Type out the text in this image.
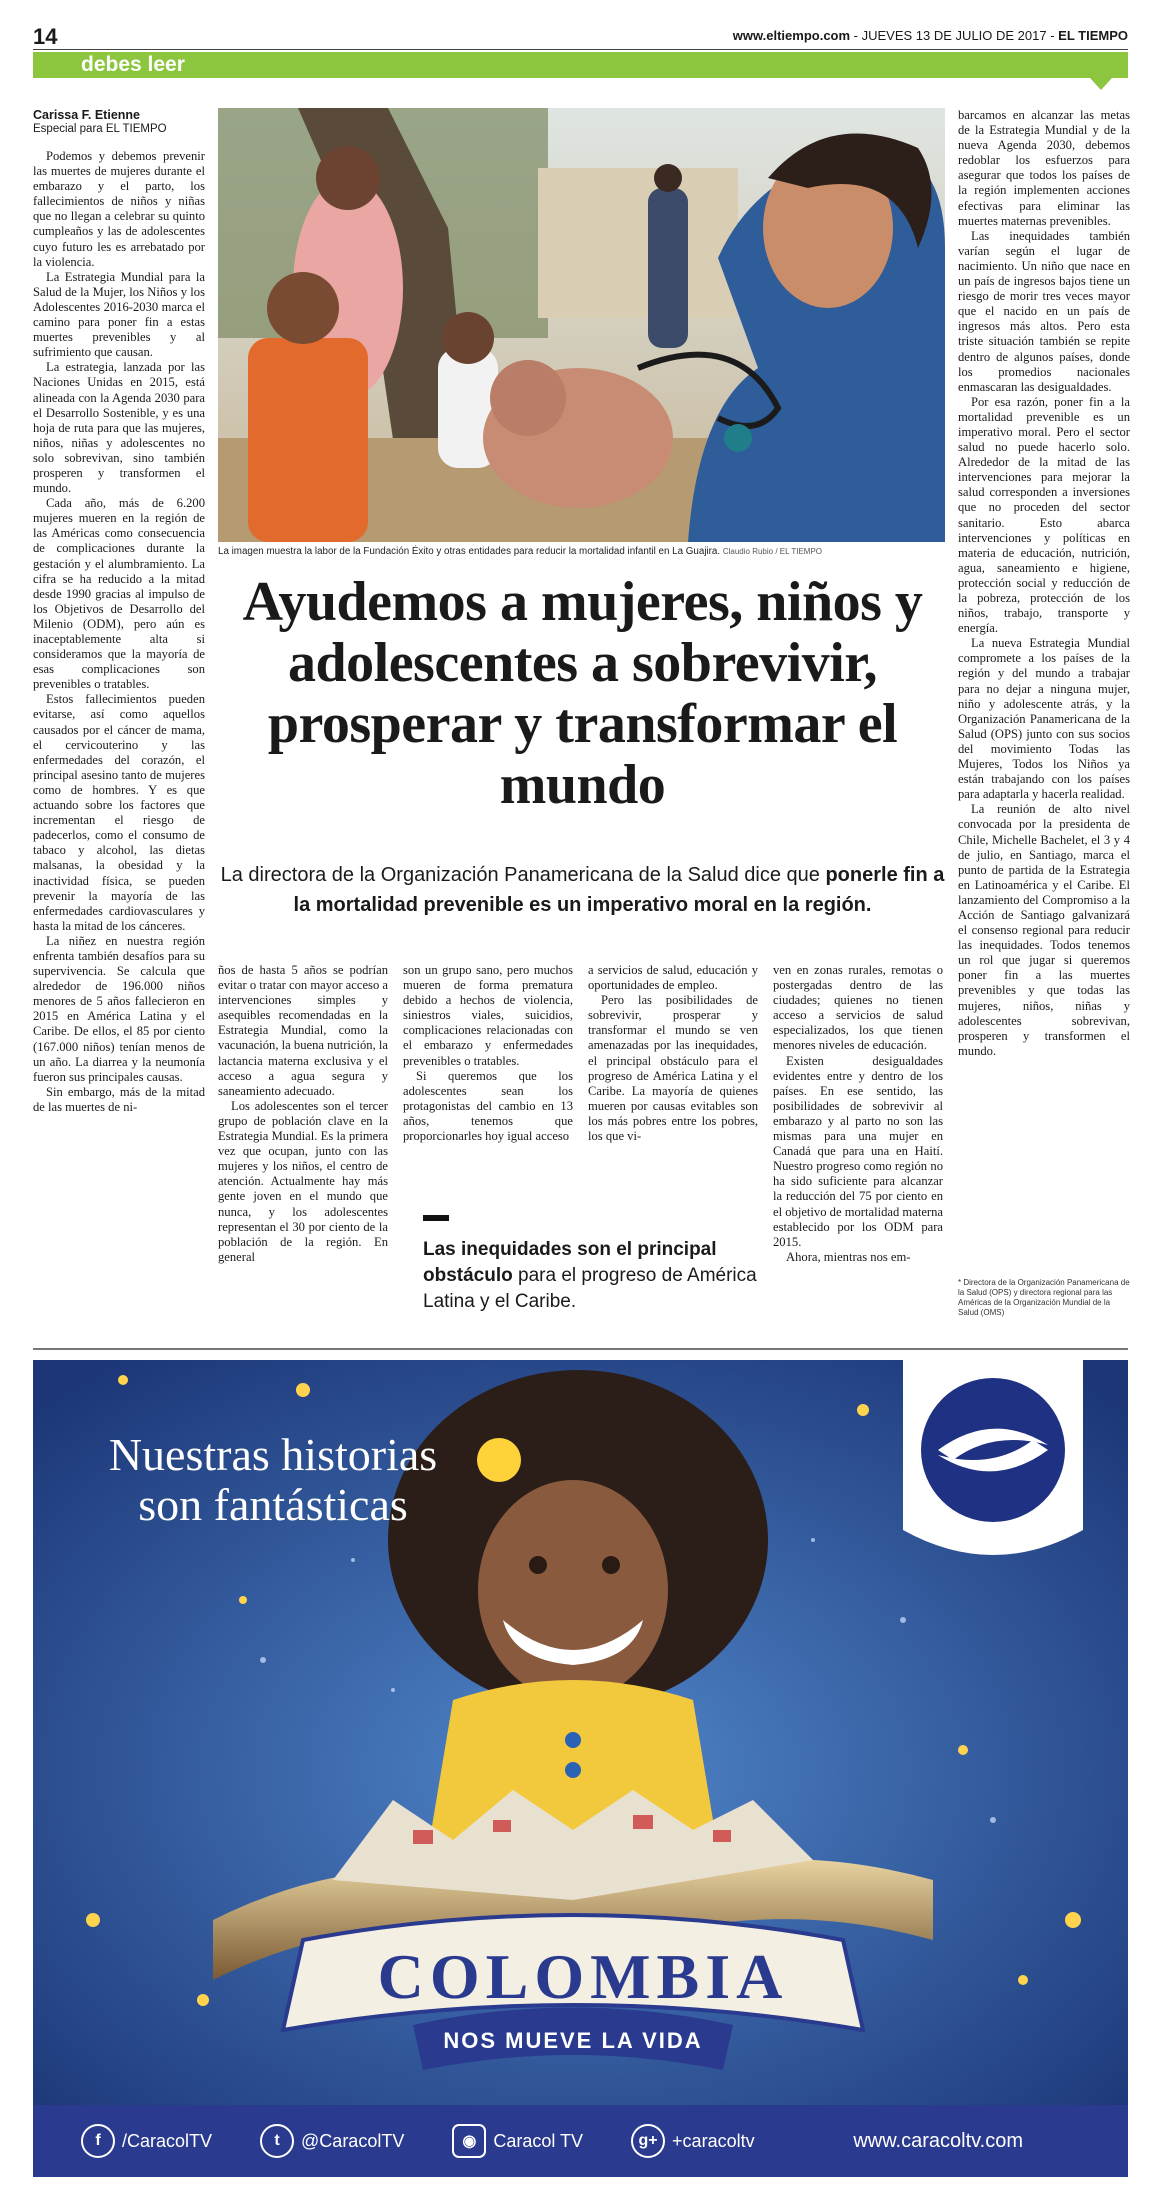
14	www.eltiempo.com - JUEVES 13 DE JULIO DE 2017 - EL TIEMPO
debes leer
Carissa F. Etienne
Especial para EL TIEMPO

Podemos y debemos prevenir las muertes de mujeres durante el embarazo y el parto, los fallecimientos de niños y niñas que no llegan a celebrar su quinto cumpleaños y las de adolescentes cuyo futuro les es arrebatado por la violencia.

La Estrategia Mundial para la Salud de la Mujer, los Niños y los Adolescentes 2016-2030 marca el camino para poner fin a estas muertes prevenibles y al sufrimiento que causan.

La estrategia, lanzada por las Naciones Unidas en 2015, está alineada con la Agenda 2030 para el Desarrollo Sostenible, y es una hoja de ruta para que las mujeres, niños, niñas y adolescentes no solo sobrevivan, sino también prosperen y transformen el mundo.

Cada año, más de 6.200 mujeres mueren en la región de las Américas como consecuencia de complicaciones durante la gestación y el alumbramiento. La cifra se ha reducido a la mitad desde 1990 gracias al impulso de los Objetivos de Desarrollo del Milenio (ODM), pero aún es inaceptablemente alta si consideramos que la mayoría de esas complicaciones son prevenibles o tratables.

Estos fallecimientos pueden evitarse, así como aquellos causados por el cáncer de mama, el cervicouterino y las enfermedades del corazón, el principal asesino tanto de mujeres como de hombres. Y es que actuando sobre los factores que incrementan el riesgo de padecerlos, como el consumo de tabaco y alcohol, las dietas malsanas, la obesidad y la inactividad física, se pueden prevenir la mayoría de las enfermedades cardiovasculares y hasta la mitad de los cánceres.

La niñez en nuestra región enfrenta también desafíos para su supervivencia. Se calcula que alrededor de 196.000 niños menores de 5 años fallecieron en 2015 en América Latina y el Caribe. De ellos, el 85 por ciento (167.000 niños) tenían menos de un año. La diarrea y la neumonía fueron sus principales causas.

Sin embargo, más de la mitad de las muertes de ni-

La imagen muestra la labor de la Fundación Éxito y otras entidades para reducir la mortalidad infantil en La Guajira. Claudio Rubio / EL TIEMPO
Ayudemos a mujeres, niños y adolescentes a sobrevivir, prosperar y transformar el mundo
La directora de la Organización Panamericana de la Salud dice que ponerle fin a la mortalidad prevenible es un imperativo moral en la región.

ños de hasta 5 años se podrían evitar o tratar con mayor acceso a intervenciones simples y asequibles recomendadas en la Estrategia Mundial, como la vacunación, la buena nutrición, la lactancia materna exclusiva y el acceso a agua segura y saneamiento adecuado.

Los adolescentes son el tercer grupo de población clave en la Estrategia Mundial. Es la primera vez que ocupan, junto con las mujeres y los niños, el centro de atención. Actualmente hay más gente joven en el mundo que nunca, y los adolescentes representan el 30 por ciento de la población de la región. En general

son un grupo sano, pero muchos mueren de forma prematura debido a hechos de violencia, siniestros viales, suicidios, complicaciones relacionadas con el embarazo y enfermedades prevenibles o tratables.

Si queremos que los adolescentes sean los protagonistas del cambio en 13 años, tenemos que proporcionarles hoy igual acceso

a servicios de salud, educación y oportunidades de empleo.

Pero las posibilidades de sobrevivir, prosperar y transformar el mundo se ven amenazadas por las inequidades, el principal obstáculo para el progreso de América Latina y el Caribe. La mayoría de quienes mueren por causas evitables son los más pobres entre los pobres, los que vi-

ven en zonas rurales, remotas o postergadas dentro de las ciudades; quienes no tienen acceso a servicios de salud especializados, los que tienen menores niveles de educación.

Existen desigualdades evidentes entre y dentro de los países. En ese sentido, las posibilidades de sobrevivir al embarazo y al parto no son las mismas para una mujer en Canadá que para una en Haití. Nuestro progreso como región no ha sido suficiente para alcanzar la reducción del 75 por ciento en el objetivo de mortalidad materna establecido por los ODM para 2015.

Ahora, mientras nos em-

Las inequidades son el principal obstáculo para el progreso de América Latina y el Caribe.

barcamos en alcanzar las metas de la Estrategia Mundial y de la nueva Agenda 2030, debemos redoblar los esfuerzos para asegurar que todos los países de la región implementen acciones efectivas para eliminar las muertes maternas prevenibles.

Las inequidades también varían según el lugar de nacimiento. Un niño que nace en un país de ingresos bajos tiene un riesgo de morir tres veces mayor que el nacido en un país de ingresos más altos. Pero esta triste situación también se repite dentro de algunos países, donde los promedios nacionales enmascaran las desigualdades.

Por esa razón, poner fin a la mortalidad prevenible es un imperativo moral. Pero el sector salud no puede hacerlo solo. Alrededor de la mitad de las intervenciones para mejorar la salud corresponden a inversiones que no proceden del sector sanitario. Esto abarca intervenciones y políticas en materia de educación, nutrición, agua, saneamiento e higiene, protección social y reducción de la pobreza, protección de los niños, trabajo, transporte y energía.

La nueva Estrategia Mundial compromete a los países de la región y del mundo a trabajar para no dejar a ninguna mujer, niño y adolescente atrás, y la Organización Panamericana de la Salud (OPS) junto con sus socios del movimiento Todas las Mujeres, Todos los Niños ya están trabajando con los países para adaptarla y hacerla realidad.

La reunión de alto nivel convocada por la presidenta de Chile, Michelle Bachelet, el 3 y 4 de julio, en Santiago, marca el punto de partida de la Estrategia en Latinoamérica y el Caribe. El lanzamiento del Compromiso a la Acción de Santiago galvanizará el consenso regional para reducir las inequidades. Todos tenemos un rol que jugar si queremos poner fin a las muertes prevenibles y que todas las mujeres, niños, niñas y adolescentes sobrevivan, prosperen y transformen el mundo.

* Directora de la Organización Panamericana de la Salud (OPS) y directora regional para las Américas de la Organización Mundial de la Salud (OMS)
Nuestras historias
son fantásticas
COLOMBIA
NOS MUEVE LA VIDA
f	/CaracolTV	t	@CaracolTV	◉ Caracol TV	g+ +caracoltv	www.caracoltv.com
